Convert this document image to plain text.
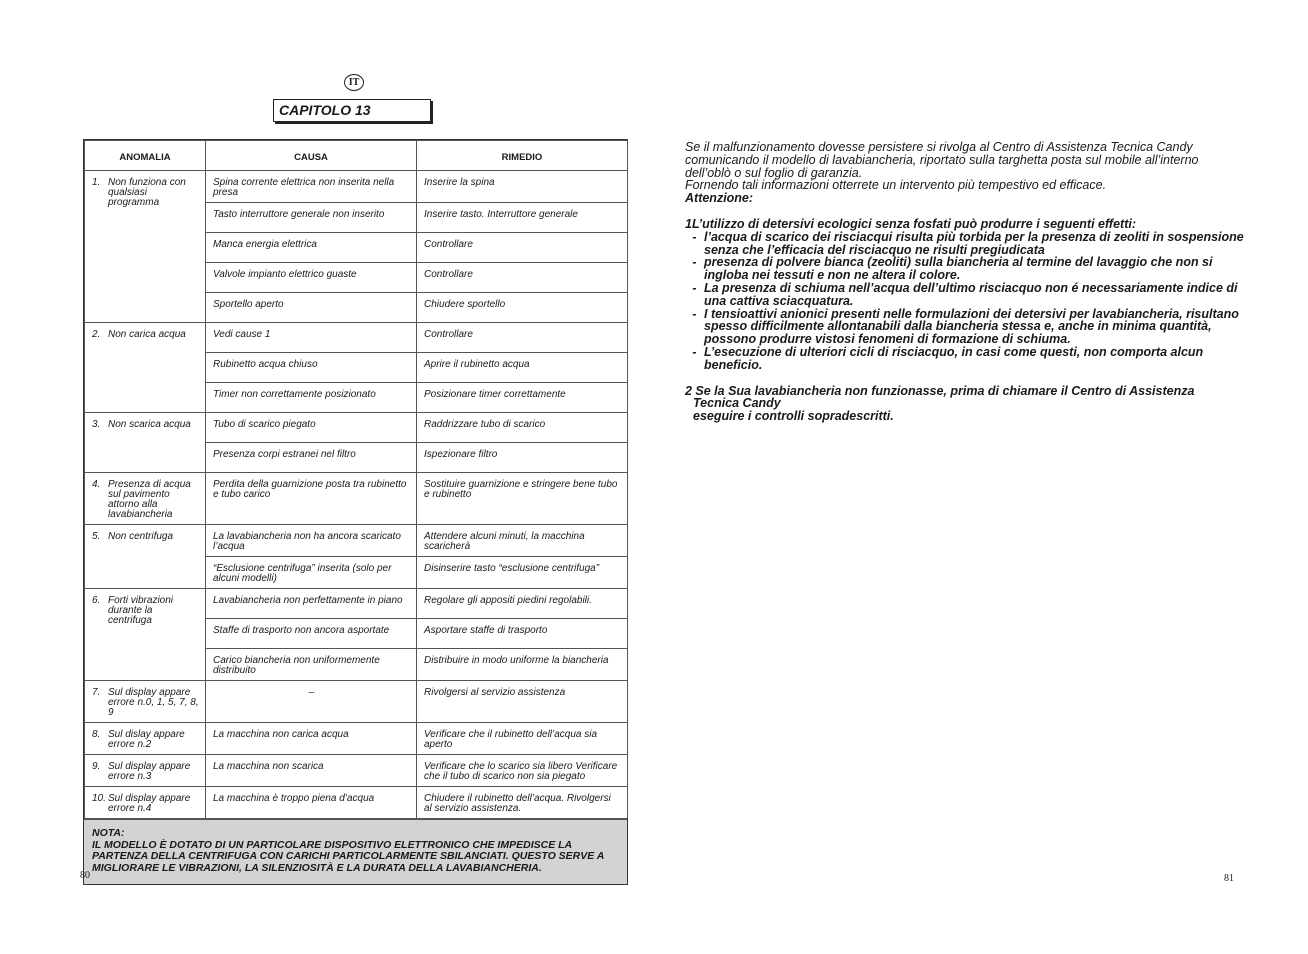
IT
CAPITOLO 13
ANOMALIA	CAUSA	RIMEDIO

1. Non funziona con qualsiasi programma	Spina corrente elettrica non inserita nella presa	Inserire la spina
	Tasto interruttore generale non inserito	Inserire tasto. Interruttore generale
	Manca energia elettrica	Controllare
	Valvole impianto elettrico guaste	Controllare
	Sportello aperto	Chiudere sportello

2. Non carica acqua	Vedi cause 1	Controllare
	Rubinetto acqua chiuso	Aprire il rubinetto acqua
	Timer non correttamente posizionato	Posizionare timer correttamente

3. Non scarica acqua	Tubo di scarico piegato	Raddrizzare tubo di scarico
	Presenza corpi estranei nel filtro	Ispezionare filtro

4. Presenza di acqua sul pavimento attorno alla lavabiancheria	Perdita della guarnizione posta tra rubinetto e tubo carico	Sostituire guarnizione e stringere bene tubo e rubinetto

5. Non centrifuga	La lavabiancheria non ha ancora scaricato l’acqua	Attendere alcuni minuti, la macchina scaricherà
	“Esclusione centrifuga” inserita (solo per alcuni modelli)	Disinserire tasto “esclusione centrifuga”

6. Forti vibrazioni durante la centrifuga	Lavabiancheria non perfettamente in piano	Regolare gli appositi piedini regolabili.
	Staffe di trasporto non ancora asportate	Asportare staffe di trasporto
	Carico biancheria non uniformemente distribuito	Distribuire in modo uniforme la biancheria

7. Sul display appare errore n.0, 1, 5, 7, 8, 9	–	Rivolgersi al servizio assistenza

8. Sul dislay appare errore n.2	La macchina non carica acqua	Verificare che il rubinetto dell’acqua sia aperto

9. Sul display appare errore n.3	La macchina non scarica	Verificare che lo scarico sia libero Verificare che il tubo di scarico non sia piegato

10. Sul display appare errore n.4	La macchina è troppo piena d’acqua	Chiudere il rubinetto dell’acqua. Rivolgersi al servizio assistenza.
NOTA:
IL MODELLO È DOTATO DI UN PARTICOLARE DISPOSITIVO ELETTRONICO CHE IMPEDISCE LA PARTENZA DELLA CENTRIFUGA CON CARICHI PARTICOLARMENTE SBILANCIATI. QUESTO SERVE A MIGLIORARE LE VIBRAZIONI, LA SILENZIOSITÀ E LA DURATA DELLA LAVABIANCHERIA.

Se il malfunzionamento dovesse persistere si rivolga al Centro di Assistenza Tecnica Candy comunicando il modello di lavabiancheria, riportato sulla targhetta posta sul mobile all’interno dell’oblò o sul foglio di garanzia.

Fornendo tali informazioni otterrete un intervento più tempestivo ed efficace.

Attenzione:

1L’utilizzo di detersivi ecologici senza fosfati può produrre i seguenti effetti:

- l’acqua di scarico dei risciacqui risulta più torbida per la presenza di zeoliti in sospensione senza che l’efficacia del risciacquo ne risulti pregiudicata
- presenza di polvere bianca (zeoliti) sulla biancheria al termine del lavaggio che non si ingloba nei tessuti e non ne altera il colore.
- La presenza di schiuma nell’acqua dell’ultimo risciacquo non é necessariamente indice di una cattiva sciacquatura.
- I tensioattivi anionici presenti nelle formulazioni dei detersivi per lavabiancheria, risultano spesso difficilmente allontanabili dalla biancheria stessa e, anche in minima quantità, possono produrre vistosi fenomeni di formazione di schiuma.
- L’esecuzione di ulteriori cicli di risciacquo, in casi come questi, non comporta alcun beneficio.

2 Se la Sua lavabiancheria non funzionasse, prima di chiamare il Centro di Assistenza

Tecnica Candy

eseguire i controlli sopradescritti.

80	81
